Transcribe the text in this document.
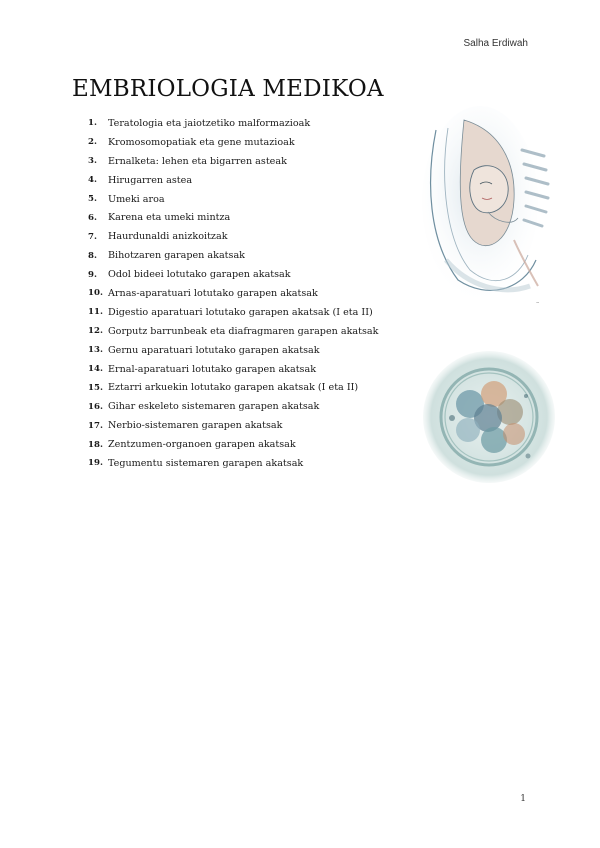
Salha Erdiwah
EMBRIOLOGIA MEDIKOA
1.	Teratologia eta jaiotzetiko malformazioak
2.	Kromosomopatiak eta gene mutazioak
3.	Ernalketa: lehen eta bigarren asteak
4.	Hirugarren astea
5.	Umeki aroa
6.	Karena eta umeki mintza
7.	Haurdunaldi anizkoitzak
8.	Bihotzaren garapen akatsak
9.	Odol bideei lotutako garapen akatsak
10. Arnas-aparatuari lotutako garapen akatsak
11. Digestio aparatuari lotutako garapen akatsak (I eta II)
12. Gorputz barrunbeak eta diafragmaren garapen akatsak
13. Gernu aparatuari lotutako garapen akatsak
14. Ernal-aparatuari lotutako garapen akatsak
15. Eztarri arkuekin lotutako garapen akatsak (I eta II)
16. Gihar eskeleto sistemaren garapen akatsak
17. Nerbio-sistemaren garapen akatsak
18. Zentzumen-organoen garapen akatsak
19. Tegumentu sistemaren garapen akatsak
~
1
